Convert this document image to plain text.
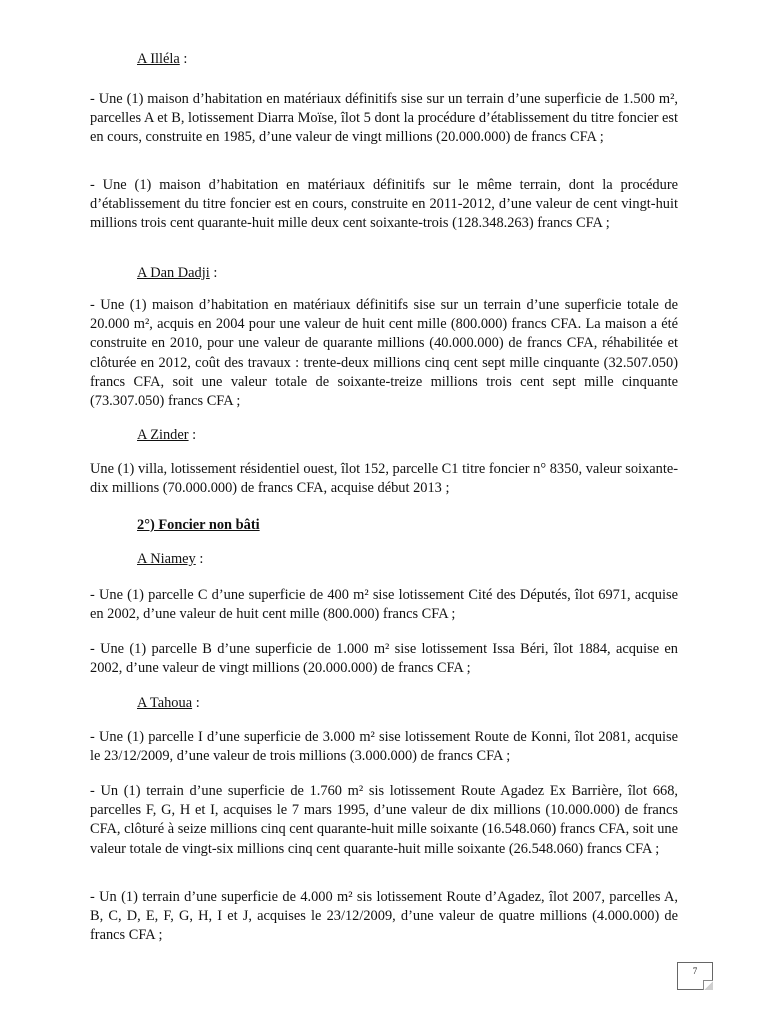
A Illéla :

- Une (1) maison d’habitation en matériaux définitifs sise sur un terrain d’une superficie de 1.500 m², parcelles A et B, lotissement Diarra Moïse, îlot 5 dont la procédure d’établissement du titre foncier est en cours, construite en 1985, d’une valeur de vingt millions (20.000.000) de francs CFA ;

- Une (1) maison d’habitation en matériaux définitifs sur le même terrain, dont la procédure d’établissement du titre foncier est en cours, construite en 2011-2012, d’une valeur de cent vingt-huit millions trois cent quarante-huit mille deux cent soixante-trois (128.348.263) francs CFA ;

A Dan Dadji :

- Une (1) maison d’habitation en matériaux définitifs sise sur un terrain d’une superficie totale de 20.000 m², acquis en 2004 pour une valeur de huit cent mille (800.000) francs CFA. La maison a été construite en 2010, pour une valeur de quarante millions (40.000.000) de francs CFA, réhabilitée et clôturée en 2012, coût des travaux : trente-deux millions cinq cent sept mille cinquante (32.507.050) francs CFA, soit une valeur totale de soixante-treize millions trois cent sept mille cinquante (73.307.050) francs CFA ;

A Zinder :

Une (1) villa, lotissement résidentiel ouest, îlot 152, parcelle C1 titre foncier n° 8350, valeur soixante-dix millions (70.000.000) de francs CFA, acquise début 2013 ;

2°) Foncier non bâti

A Niamey :

- Une (1) parcelle C d’une superficie de 400 m² sise lotissement Cité des Députés, îlot 6971, acquise en 2002, d’une valeur de huit cent mille (800.000) francs CFA ;

- Une (1) parcelle B d’une superficie de 1.000 m² sise lotissement Issa Béri, îlot 1884, acquise en 2002, d’une valeur de vingt millions (20.000.000) de francs CFA ;

A Tahoua :

- Une (1) parcelle I d’une superficie de 3.000 m² sise lotissement Route de Konni, îlot 2081, acquise le 23/12/2009, d’une valeur de trois millions (3.000.000) de francs CFA ;

- Un (1) terrain d’une superficie de 1.760 m² sis lotissement Route Agadez Ex Barrière, îlot 668, parcelles F, G, H et I, acquises le 7 mars 1995, d’une valeur de dix millions (10.000.000) de francs CFA, clôturé à seize millions cinq cent quarante-huit mille soixante (16.548.060) francs CFA, soit une valeur totale de vingt-six millions cinq cent quarante-huit mille soixante (26.548.060) francs CFA ;

- Un (1) terrain d’une superficie de 4.000 m² sis lotissement Route d’Agadez, îlot 2007, parcelles A, B, C, D, E, F, G, H, I et J, acquises le 23/12/2009, d’une valeur de quatre millions (4.000.000) de francs CFA ;

7
